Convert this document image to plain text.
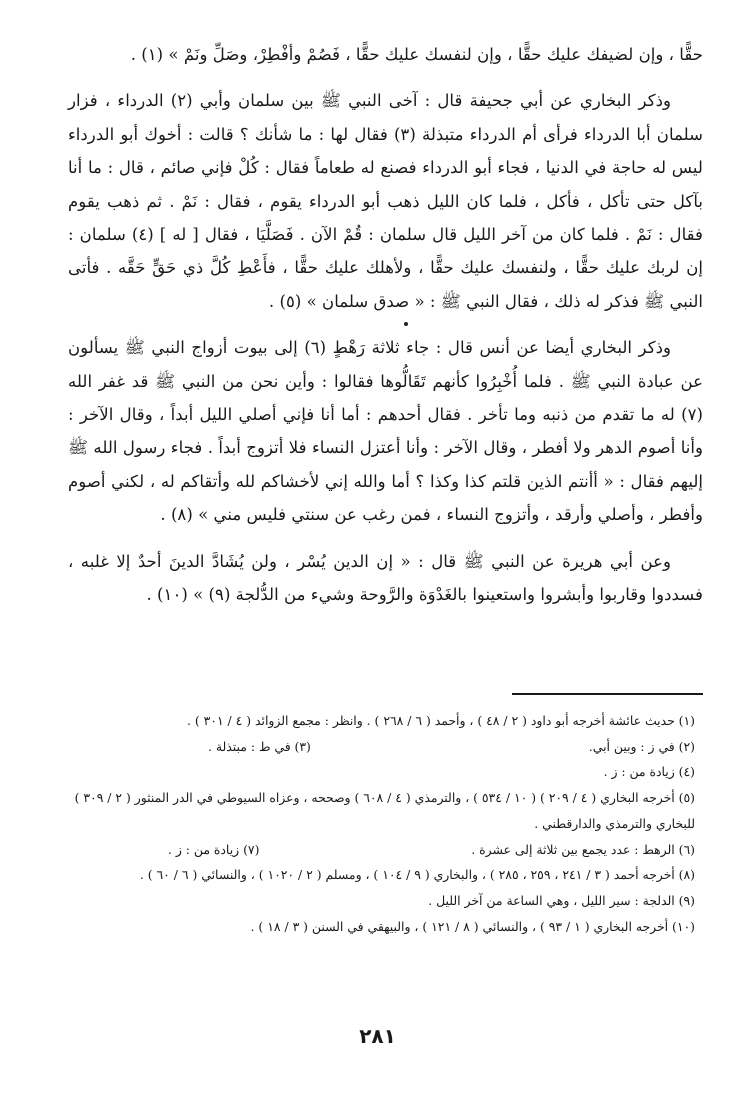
حقًّا ، وإن لضيفك عليك حقًّا ، وإن لنفسك عليك حقًّا ، فَصُمْ وأفْطِرْ، وصَلِّ ونَمْ » (١) .

وذكر البخاري عن أبي جحيفة قال : آخى النبي ﷺ بين سلمان وأبي (٢) الدرداء ، فزار سلمان أبا الدرداء فرأى أم الدرداء متبذلة (٣) فقال لها : ما شأنك ؟ قالت : أخوك أبو الدرداء ليس له حاجة في الدنيا ، فجاء أبو الدرداء فصنع له طعاماً فقال : كُلْ فإني صائم ، قال : ما أنا بآكل حتى تأكل ، فأكل ، فلما كان الليل ذهب أبو الدرداء يقوم ، فقال : نَمْ . ثم ذهب يقوم فقال : نَمْ . فلما كان من آخر الليل قال سلمان : قُمْ الآن . فَصَلَّيَا ، فقال [ له ] (٤) سلمان : إن لربك عليك حقًّا ، ولنفسك عليك حقًّا ، ولأهلك عليك حقًّا ، فأَعْطِ كُلَّ ذي حَقٍّ حَقَّه . فأتى النبي ﷺ فذكر له ذلك ، فقال النبي ﷺ : « صدق سلمان » (٥) .

وذكر البخاري أيضا عن أنس قال : جاء ثلاثة رَهْطٍ (٦) إلى بيوت أزواج النبي ﷺ يسألون عن عبادة النبي ﷺ . فلما أُخْبِرُوا كأنهم تَقَالُّوها فقالوا : وأين نحن من النبي ﷺ قد غفر الله (٧) له ما تقدم من ذنبه وما تأخر . فقال أحدهم : أما أنا فإني أصلي الليل أبداً ، وقال الآخر : وأنا أصوم الدهر ولا أفطر ، وقال الآخر : وأنا أعتزل النساء فلا أتزوج أبداً . فجاء رسول الله ﷺ إليهم فقال : « أأنتم الذين قلتم كذا وكذا ؟ أما والله إني لأخشاكم لله وأتقاكم له ، لكني أصوم وأفطر ، وأصلي وأرقد ، وأتزوج النساء ، فمن رغب عن سنتي فليس مني » (٨) .

وعن أبي هريرة عن النبي ﷺ قال : « إن الدين يُسْر ، ولن يُشَادَّ الدينَ أحدٌ إلا غلبه ، فسددوا وقاربوا وأبشروا واستعينوا بالغَدْوَة والرَّوحة وشيء من الدُّلجة (٩) » (١٠) .

(١) حديث عائشة أخرجه أبو داود ( ٢ / ٤٨ ) ، وأحمد ( ٦ / ٢٦٨ ) . وانظر : مجمع الزوائد ( ٤ / ٣٠١ ) .

(٢) في ز : وبين أبي.
(٣) في ط : مبتذلة .

(٤) زيادة من : ز .

(٥) أخرجه البخاري ( ٤ / ٢٠٩ ) ( ١٠ / ٥٣٤ ) ، والترمذي ( ٤ / ٦٠٨ ) وصححه ، وعزاه السيوطي في الدر المنثور ( ٢ / ٣٠٩ ) للبخاري والترمذي والدارقطني .

(٦) الرهط : عدد يجمع بين ثلاثة إلى عشرة .
(٧) زيادة من : ز .

(٨) أخرجه أحمد ( ٣ / ٢٤١ ، ٢٥٩ ، ٢٨٥ ) ، والبخاري ( ٩ / ١٠٤ ) ، ومسلم ( ٢ / ١٠٢٠ ) ، والنسائي ( ٦ / ٦٠ ) .

(٩) الدلجة : سير الليل ، وهي الساعة من آخر الليل .

(١٠) أخرجه البخاري ( ١ / ٩٣ ) ، والنسائي ( ٨ / ١٢١ ) ، والبيهقي في السنن ( ٣ / ١٨ ) .

٢٨١
